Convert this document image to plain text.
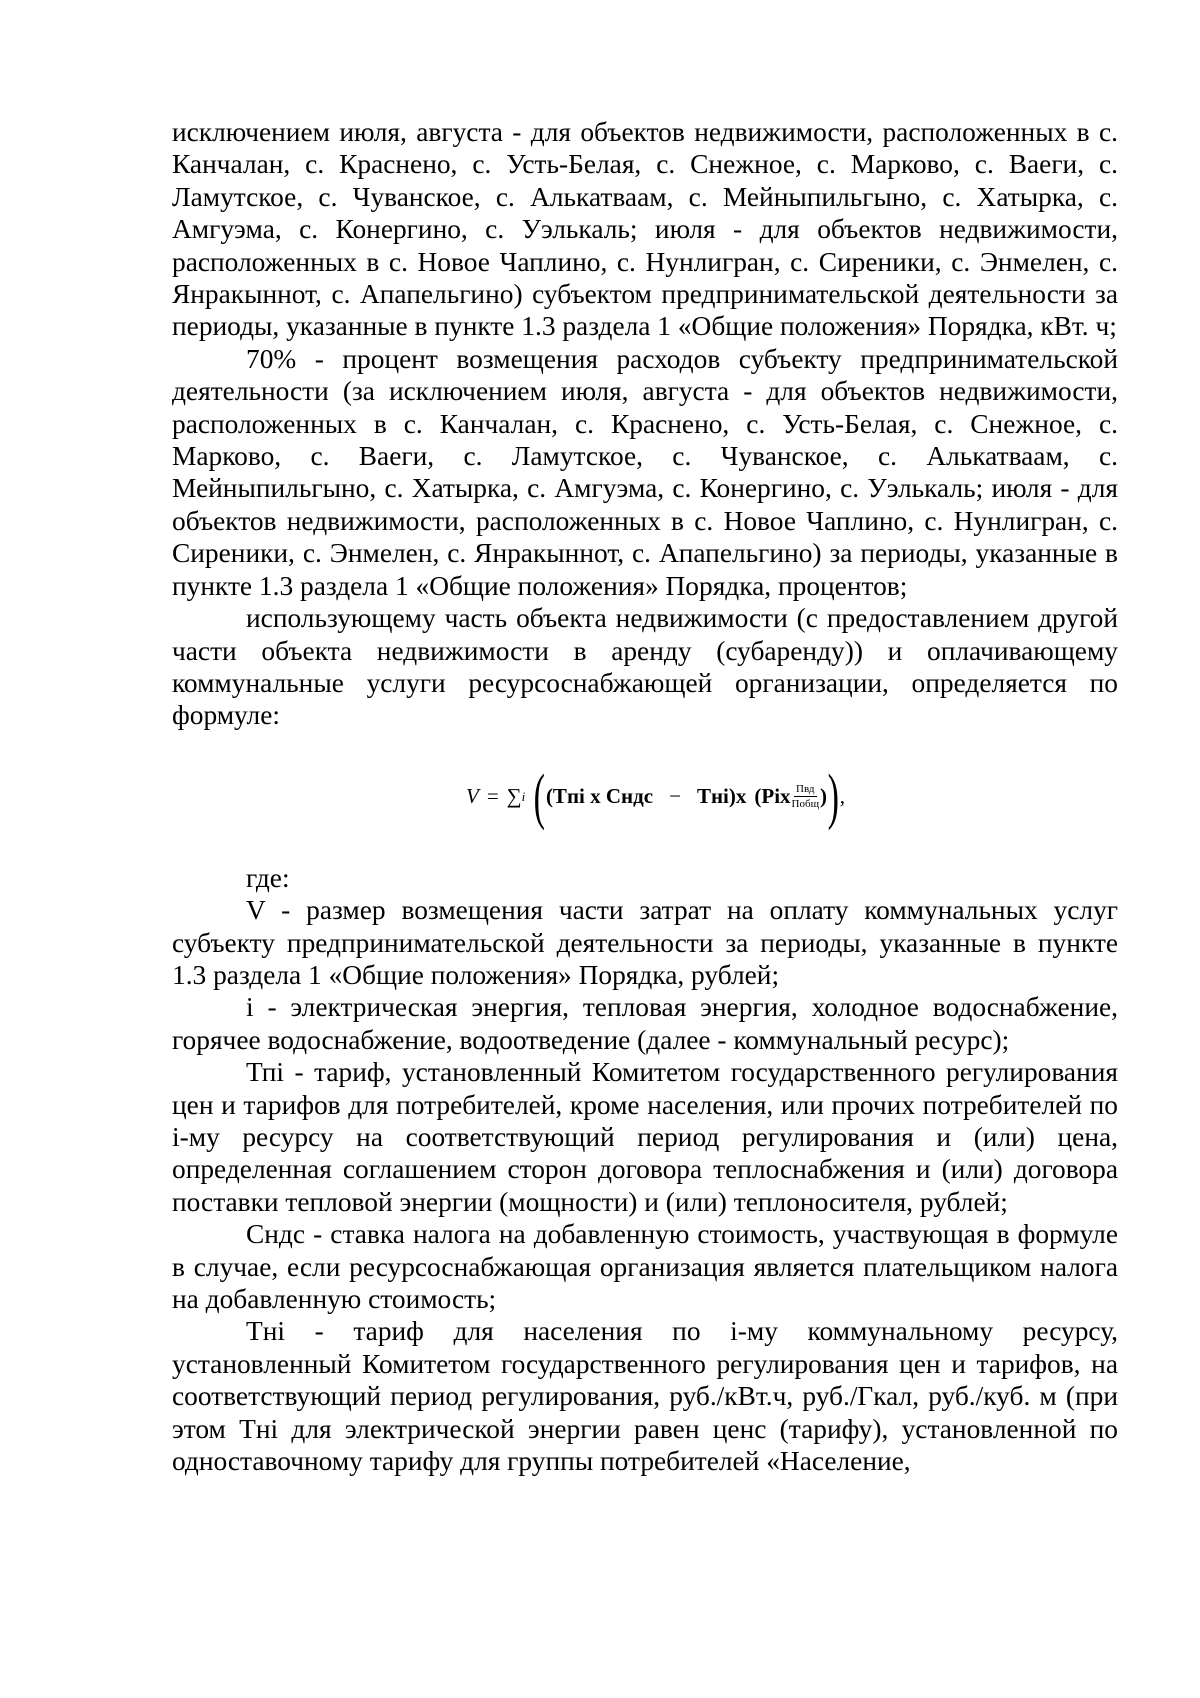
исключением июля, августа - для объектов недвижимости, расположенных в с. Канчалан, с. Краснено, с. Усть-Белая, с. Снежное, с. Марково, с. Ваеги, с. Ламутское, с. Чуванское, с. Алькатваам, с. Мейныпильгыно, с. Хатырка, с. Амгуэма, с. Конергино, с. Уэлькаль; июля - для объектов недвижимости, расположенных в с. Новое Чаплино, с. Нунлигран, с. Сиреники, с. Энмелен, с. Янракыннот, с. Апапельгино) субъектом предпринимательской деятельности за периоды, указанные в пункте 1.3 раздела 1 «Общие положения» Порядка, кВт. ч;

70% - процент возмещения расходов субъекту предпринимательской деятельности (за исключением июля, августа - для объектов недвижимости, расположенных в с. Канчалан, с. Краснено, с. Усть-Белая, с. Снежное, с. Марково, с. Ваеги, с. Ламутское, с. Чуванское, с. Алькатваам, с. Мейныпильгыно, с. Хатырка, с. Амгуэма, с. Конергино, с. Уэлькаль; июля - для объектов недвижимости, расположенных в с. Новое Чаплино, с. Нунлигран, с. Сиреники, с. Энмелен, с. Янракыннот, с. Апапельгино) за периоды, указанные в пункте 1.3 раздела 1 «Общие положения» Порядка, процентов;

использующему часть объекта недвижимости (с предоставлением другой части объекта недвижимости в аренду (субаренду)) и оплачивающему коммунальные услуги ресурсоснабжающей организации, определяется по формуле:

V = ∑ i ( (Tпi x Cндс − Tнi)x ($Pix \frac{\text{Пвд}}{\text{Побщ}}$ ) ) ,

где:

V - размер возмещения части затрат на оплату коммунальных услуг субъекту предпринимательской деятельности за периоды, указанные в пункте 1.3 раздела 1 «Общие положения» Порядка, рублей;

i - электрическая энергия, тепловая энергия, холодное водоснабжение, горячее водоснабжение, водоотведение (далее - коммунальный ресурс);

Тпi - тариф, установленный Комитетом государственного регулирования цен и тарифов для потребителей, кроме населения, или прочих потребителей по i-му ресурсу на соответствующий период регулирования и (или) цена, определенная соглашением сторон договора теплоснабжения и (или) договора поставки тепловой энергии (мощности) и (или) теплоносителя, рублей;

Сндс - ставка налога на добавленную стоимость, участвующая в формуле в случае, если ресурсоснабжающая организация является плательщиком налога на добавленную стоимость;

Тнi - тариф для населения по i-му коммунальному ресурсу, установленный Комитетом государственного регулирования цен и тарифов, на соответствующий период регулирования, руб./кВт.ч, руб./Гкал, руб./куб. м (при этом Тнi для электрической энергии равен ценс (тарифу), установленной по одноставочному тарифу для группы потребителей «Население,
